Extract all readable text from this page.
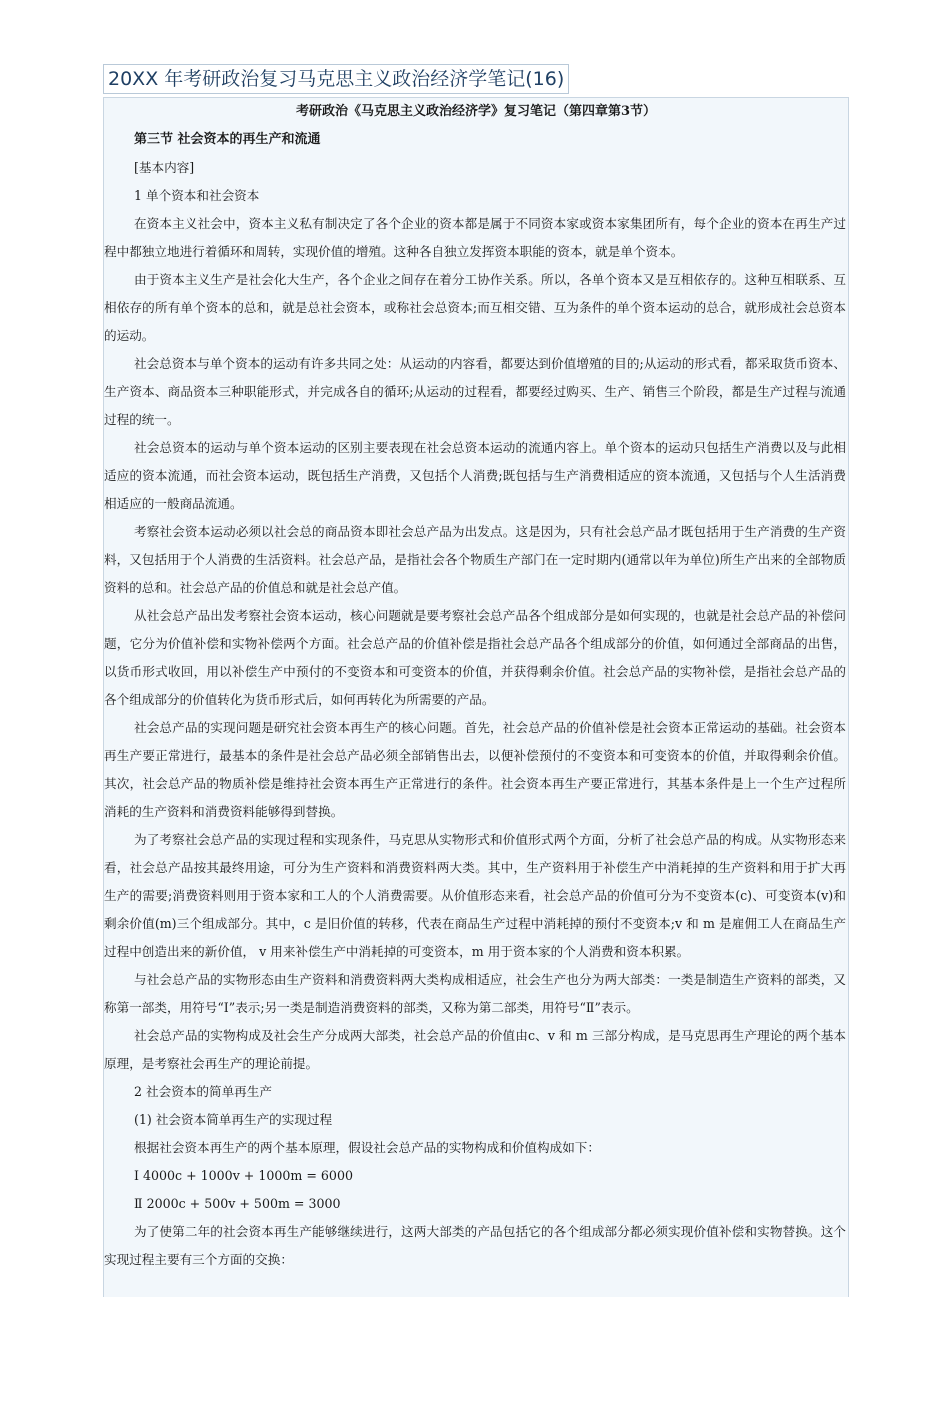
20XX 年考研政治复习马克思主义政治经济学笔记(16)

考研政治《马克思主义政治经济学》复习笔记（第四章第3节）

第三节 社会资本的再生产和流通

[基本内容]

1 单个资本和社会资本

在资本主义社会中，资本主义私有制决定了各个企业的资本都是属于不同资本家或资本家集团所有，每个企业的资本在再生产过程中都独立地进行着循环和周转，实现价值的增殖。这种各自独立发挥资本职能的资本，就是单个资本。

由于资本主义生产是社会化大生产，各个企业之间存在着分工协作关系。所以，各单个资本又是互相依存的。这种互相联系、互相依存的所有单个资本的总和，就是总社会资本，或称社会总资本;而互相交错、互为条件的单个资本运动的总合，就形成社会总资本的运动。

社会总资本与单个资本的运动有许多共同之处：从运动的内容看，都要达到价值增殖的目的;从运动的形式看，都采取货币资本、生产资本、商品资本三种职能形式，并完成各自的循环;从运动的过程看，都要经过购买、生产、销售三个阶段，都是生产过程与流通过程的统一。

社会总资本的运动与单个资本运动的区别主要表现在社会总资本运动的流通内容上。单个资本的运动只包括生产消费以及与此相适应的资本流通，而社会资本运动，既包括生产消费，又包括个人消费;既包括与生产消费相适应的资本流通，又包括与个人生活消费相适应的一般商品流通。

考察社会资本运动必须以社会总的商品资本即社会总产品为出发点。这是因为，只有社会总产品才既包括用于生产消费的生产资料，又包括用于个人消费的生活资料。社会总产品，是指社会各个物质生产部门在一定时期内(通常以年为单位)所生产出来的全部物质资料的总和。社会总产品的价值总和就是社会总产值。

从社会总产品出发考察社会资本运动，核心问题就是要考察社会总产品各个组成部分是如何实现的，也就是社会总产品的补偿问题，它分为价值补偿和实物补偿两个方面。社会总产品的价值补偿是指社会总产品各个组成部分的价值，如何通过全部商品的出售，以货币形式收回，用以补偿生产中预付的不变资本和可变资本的价值，并获得剩余价值。社会总产品的实物补偿，是指社会总产品的各个组成部分的价值转化为货币形式后，如何再转化为所需要的产品。

社会总产品的实现问题是研究社会资本再生产的核心问题。首先，社会总产品的价值补偿是社会资本正常运动的基础。社会资本再生产要正常进行，最基本的条件是社会总产品必须全部销售出去，以便补偿预付的不变资本和可变资本的价值，并取得剩余价值。其次，社会总产品的物质补偿是维持社会资本再生产正常进行的条件。社会资本再生产要正常进行，其基本条件是上一个生产过程所消耗的生产资料和消费资料能够得到替换。

为了考察社会总产品的实现过程和实现条件，马克思从实物形式和价值形式两个方面，分析了社会总产品的构成。从实物形态来看，社会总产品按其最终用途，可分为生产资料和消费资料两大类。其中，生产资料用于补偿生产中消耗掉的生产资料和用于扩大再生产的需要;消费资料则用于资本家和工人的个人消费需要。从价值形态来看，社会总产品的价值可分为不变资本(c)、可变资本(v)和剩余价值(m)三个组成部分。其中，c 是旧价值的转移，代表在商品生产过程中消耗掉的预付不变资本;v 和 m 是雇佣工人在商品生产过程中创造出来的新价值， v 用来补偿生产中消耗掉的可变资本，m 用于资本家的个人消费和资本积累。

与社会总产品的实物形态由生产资料和消费资料两大类构成相适应，社会生产也分为两大部类：一类是制造生产资料的部类，又称第一部类，用符号“Ⅰ”表示;另一类是制造消费资料的部类，又称为第二部类，用符号“Ⅱ”表示。

社会总产品的实物构成及社会生产分成两大部类，社会总产品的价值由c、v 和 m 三部分构成，是马克思再生产理论的两个基本原理，是考察社会再生产的理论前提。

2 社会资本的简单再生产

(1) 社会资本简单再生产的实现过程

根据社会资本再生产的两个基本原理，假设社会总产品的实物构成和价值构成如下：

Ⅰ 4000c + 1000v + 1000m = 6000

Ⅱ 2000c + 500v + 500m = 3000

为了使第二年的社会资本再生产能够继续进行，这两大部类的产品包括它的各个组成部分都必须实现价值补偿和实物替换。这个实现过程主要有三个方面的交换：
